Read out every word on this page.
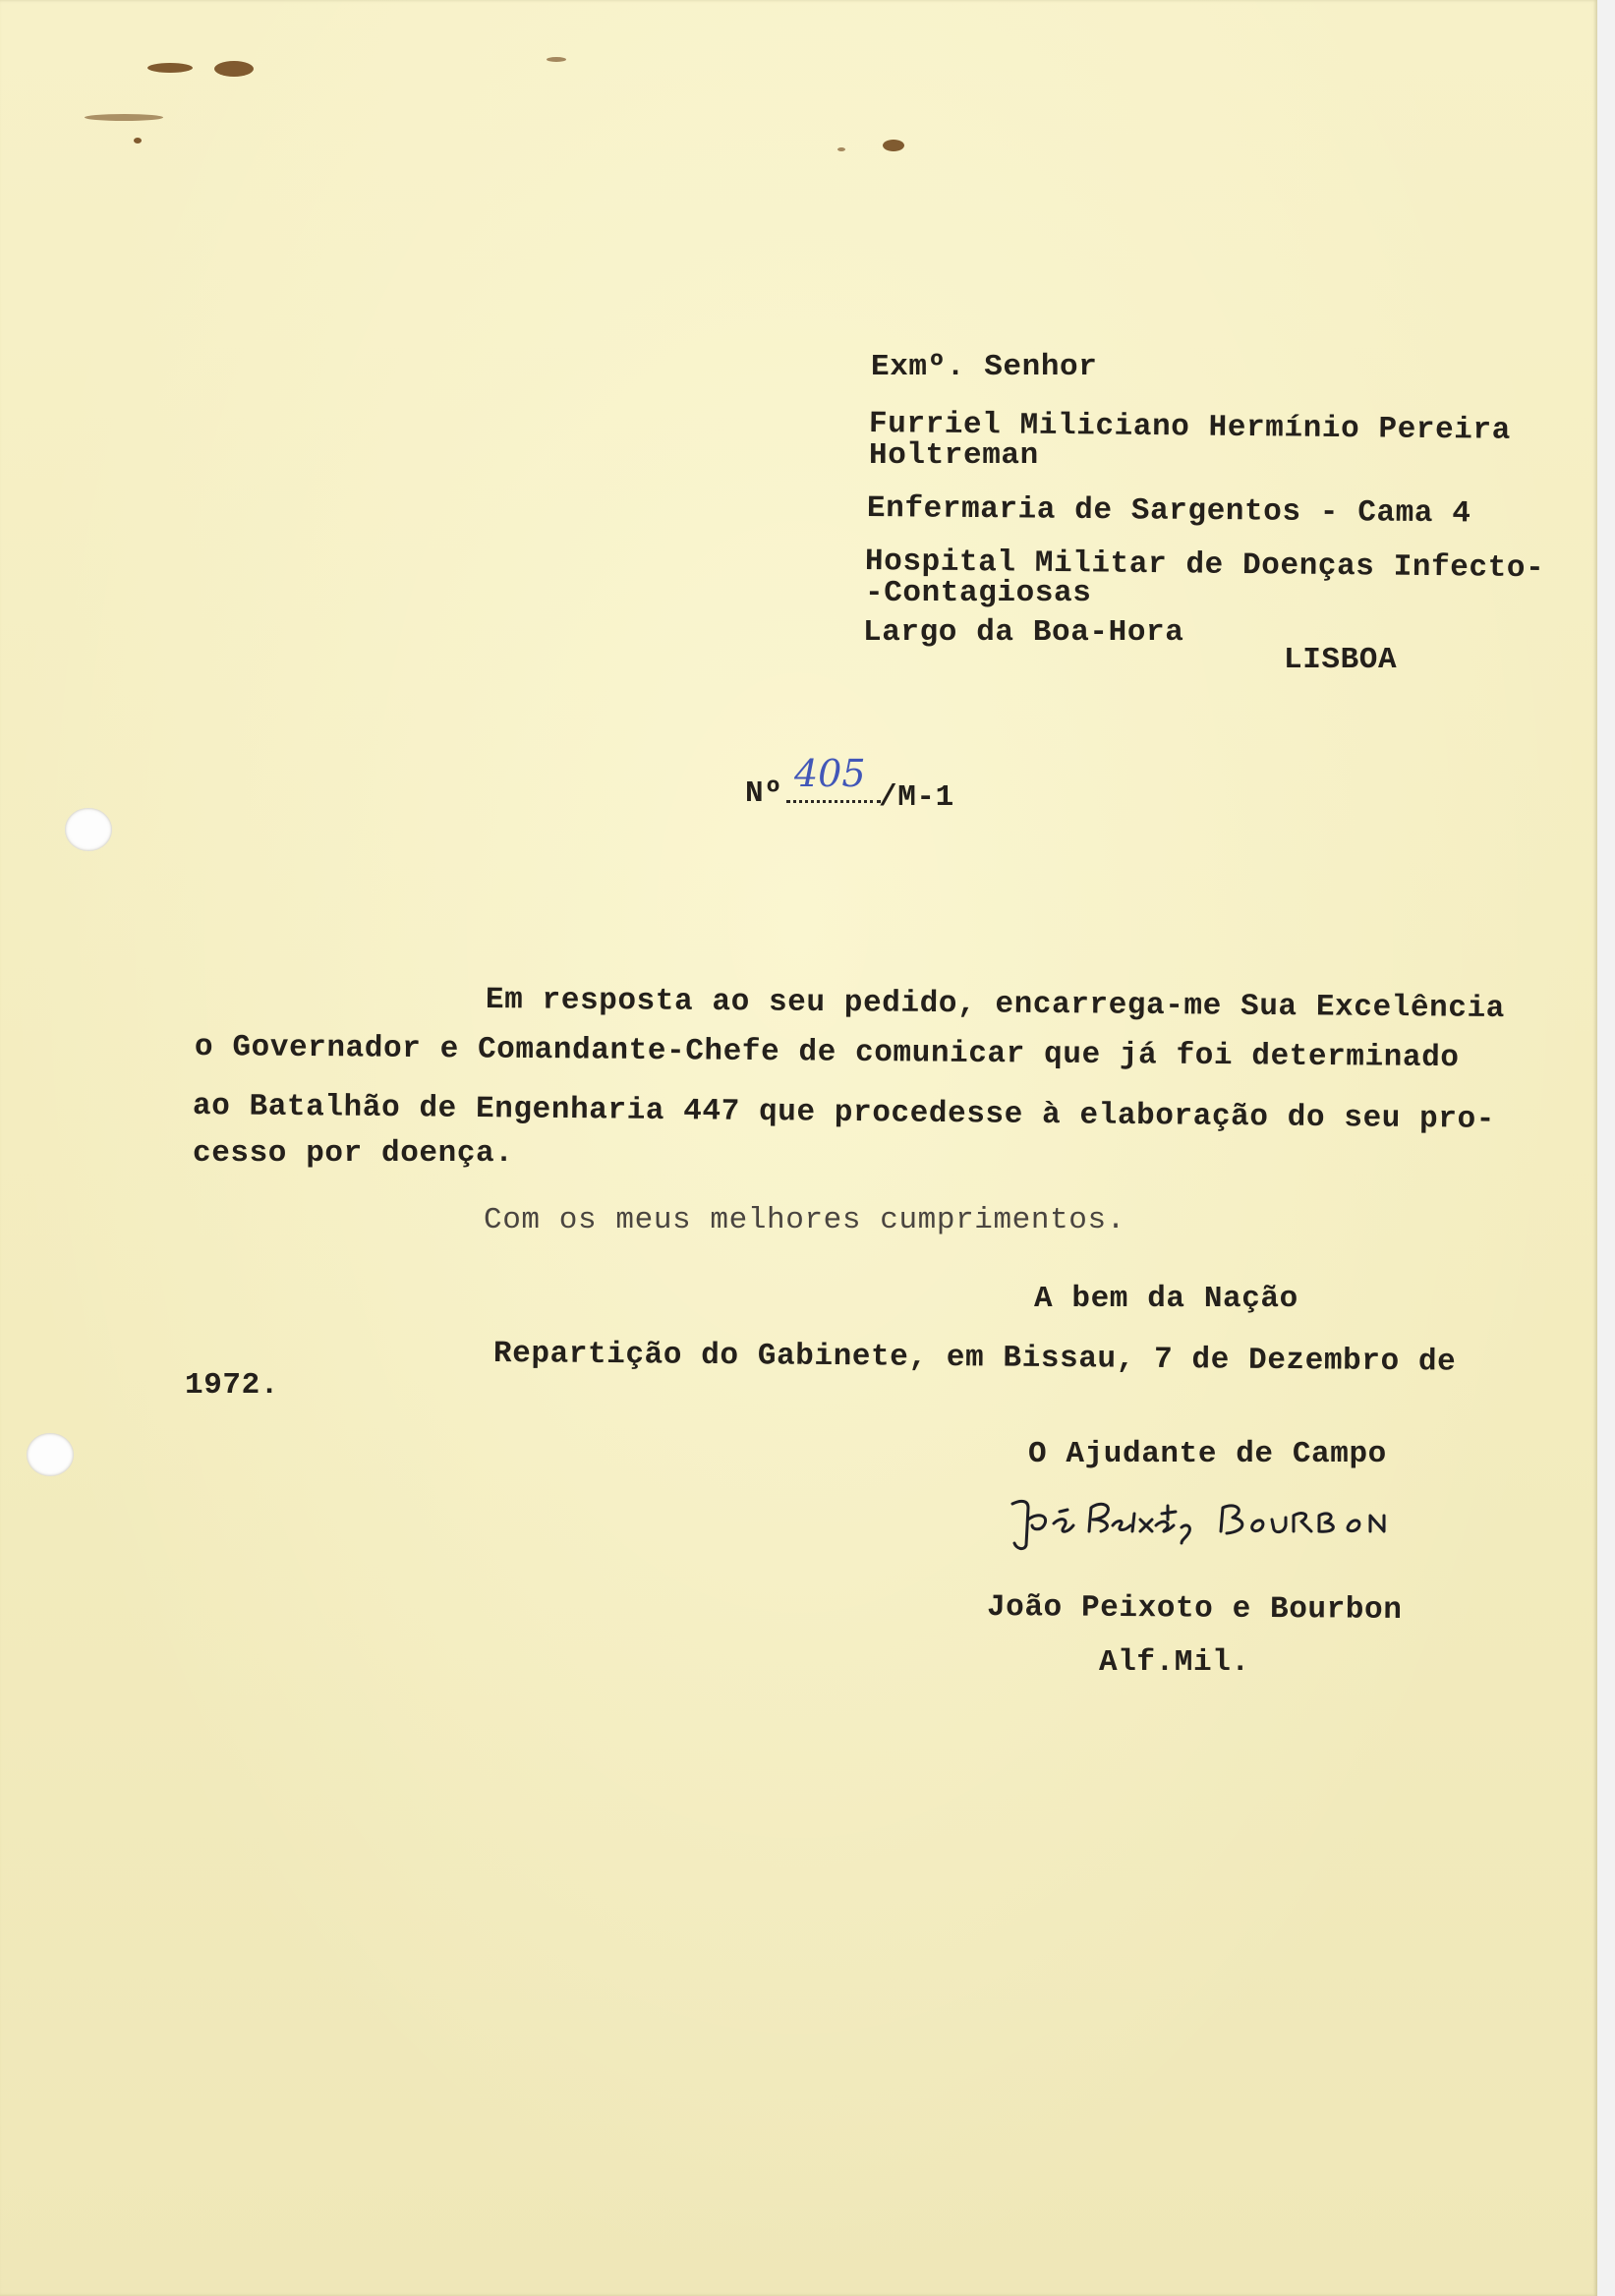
Exmº. Senhor
Furriel Miliciano Hermínio Pereira
Holtreman
Enfermaria de Sargentos - Cama 4
Hospital Militar de Doenças Infecto-
-Contagiosas
Largo da Boa-Hora
LISBOA
Nº 405
/M-1
Em resposta ao seu pedido, encarrega-me Sua Excelência
o Governador e Comandante-Chefe de comunicar que já foi determinado
ao Batalhão de Engenharia 447 que procedesse à elaboração do seu pro-
cesso por doença.
Com os meus melhores cumprimentos.
A bem da Nação
Repartição do Gabinete, em Bissau, 7 de Dezembro de
1972.
O Ajudante de Campo
João Peixoto e Bourbon
Alf.Mil.
